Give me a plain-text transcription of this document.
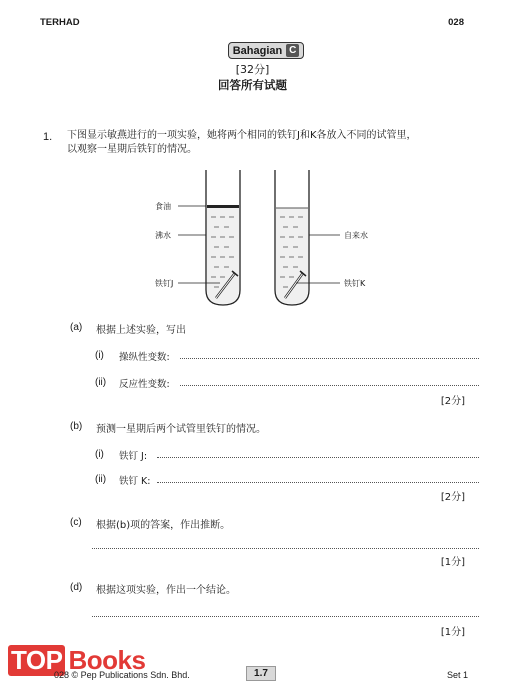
TERHAD	028
Bahagian C
[32分]
回答所有试题
1. 下图显示敏燕进行的一项实验，她将两个相同的铁钉J和K各放入不同的试管里，
以观察一星期后铁钉的情况。
食油
沸水
铁钉J
自来水
铁钉K
(a) 根据上述实验，写出
(i) 操纵性变数:
(ii) 反应性变数:
[2分]
(b) 预测一星期后两个试管里铁钉的情况。
(i) 铁钉 J:
(ii) 铁钉 K:
[2分]
(c) 根据(b)项的答案，作出推断。
[1分]
(d) 根据这项实验，作出一个结论。
[1分]
TOP Books
028 © Pep Publications Sdn. Bhd.	1.7	Set 1
